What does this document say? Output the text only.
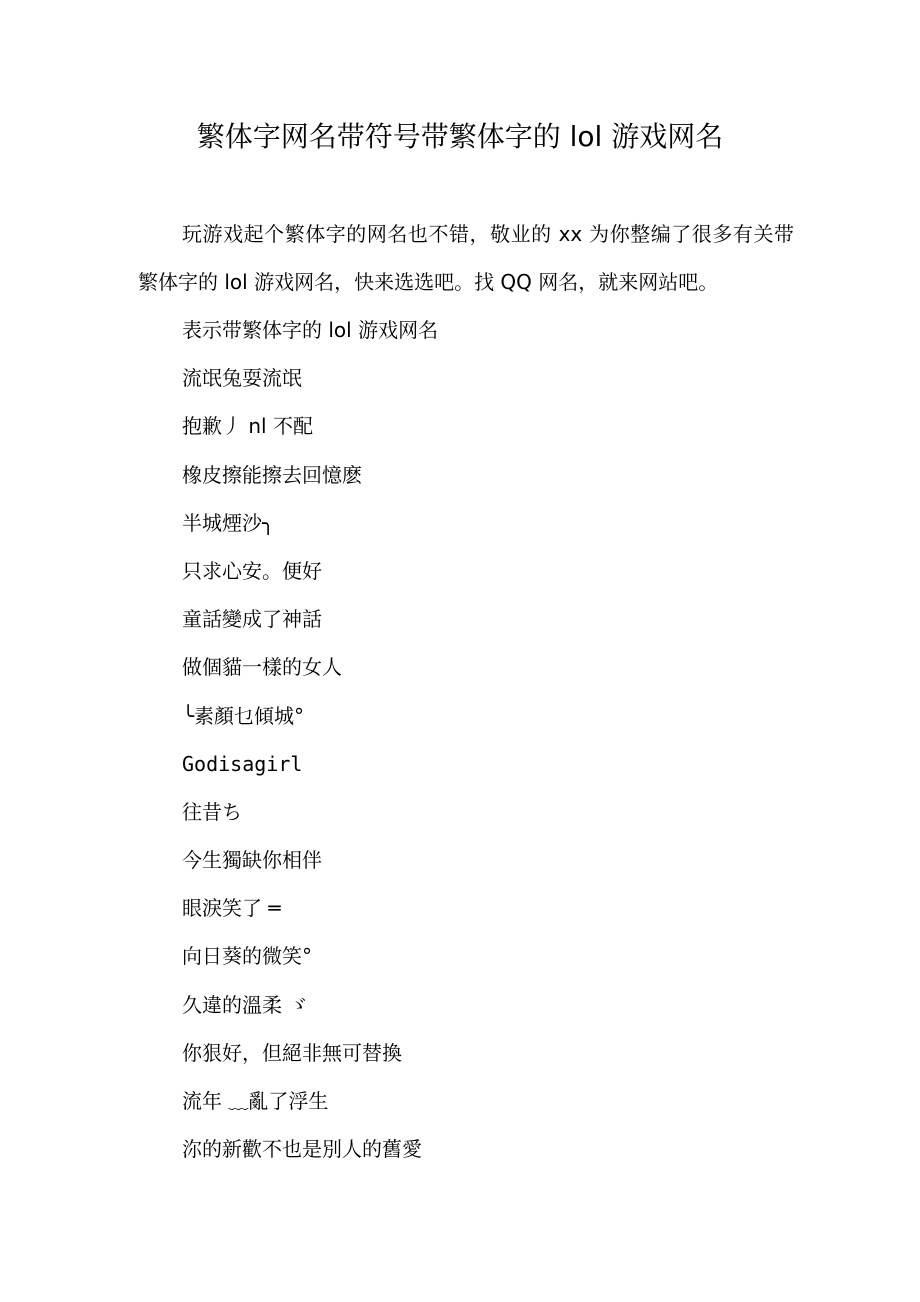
繁体字网名带符号带繁体字的 lol 游戏网名

玩游戏起个繁体字的网名也不错，敬业的 xx 为你整编了很多有关带繁体字的 lol 游戏网名，快来选选吧。找 QQ 网名，就来网站吧。

表示带繁体字的 lol 游戏网名
流氓兔耍流氓
抱歉丿 nl 不配
橡皮擦能擦去回憶麽
半城煙沙╮
只求心安。便好
童話變成了神話
做個貓一樣的女人
╰素顏乜傾城°
Godisagirl
往昔ち
今生獨缺你相伴
眼淚笑了 ═
向日葵的微笑°
久違的溫柔 ゞ
你狠好，但絕非無可替換
流年 ﹏亂了浮生
沵的新歡不也是別人的舊愛
